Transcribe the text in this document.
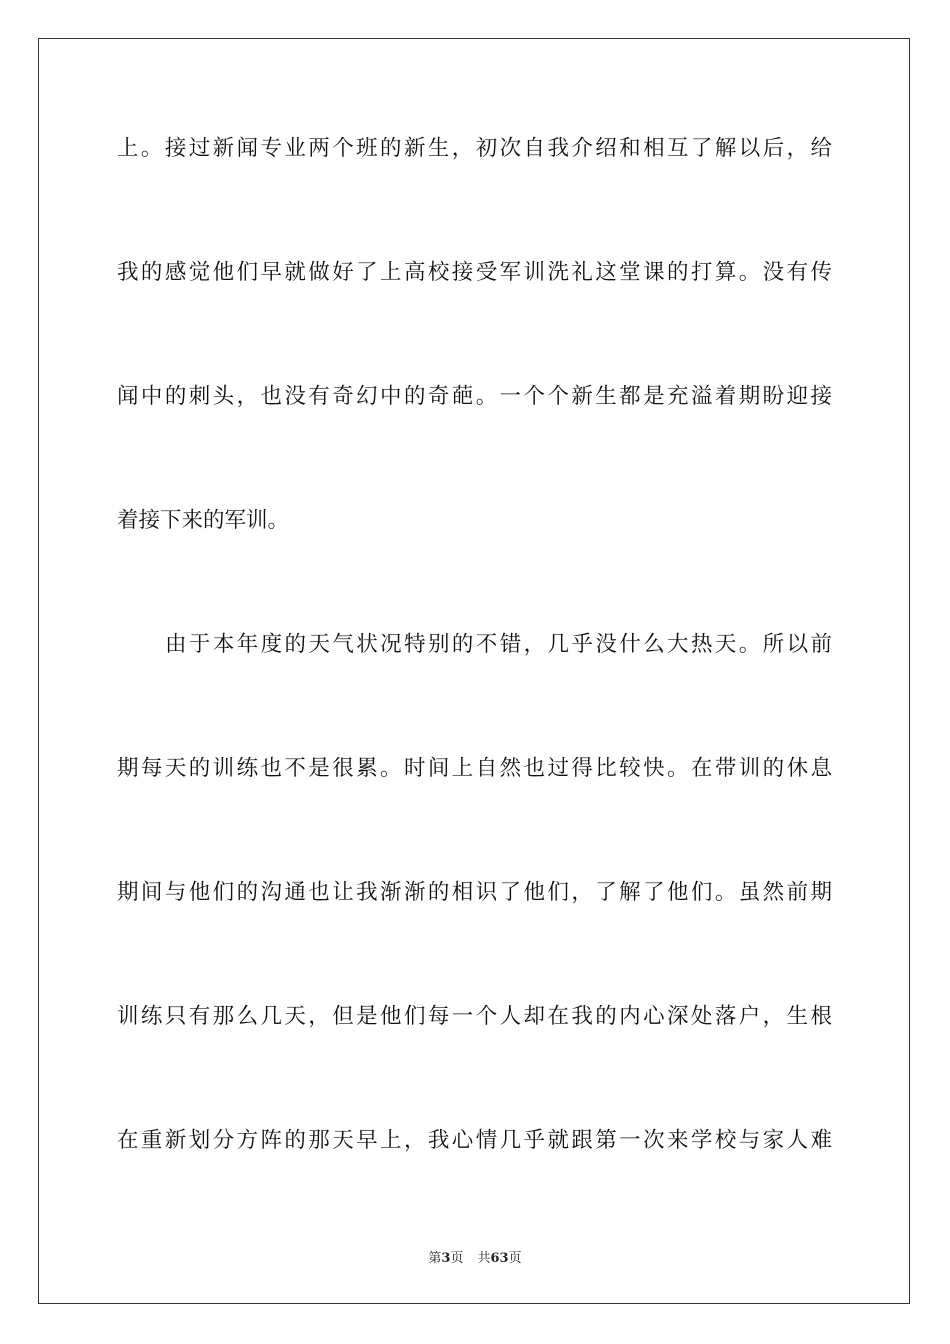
上。接过新闻专业两个班的新生，初次自我介绍和相互了解以后，给
我的感觉他们早就做好了上高校接受军训洗礼这堂课的打算。没有传
闻中的刺头，也没有奇幻中的奇葩。一个个新生都是充溢着期盼迎接
着接下来的军训。
由于本年度的天气状况特别的不错，几乎没什么大热天。所以前
期每天的训练也不是很累。时间上自然也过得比较快。在带训的休息
期间与他们的沟通也让我渐渐的相识了他们，了解了他们。虽然前期
训练只有那么几天，但是他们每一个人却在我的内心深处落户，生根
在重新划分方阵的那天早上，我心情几乎就跟第一次来学校与家人难
第3页 共63页
